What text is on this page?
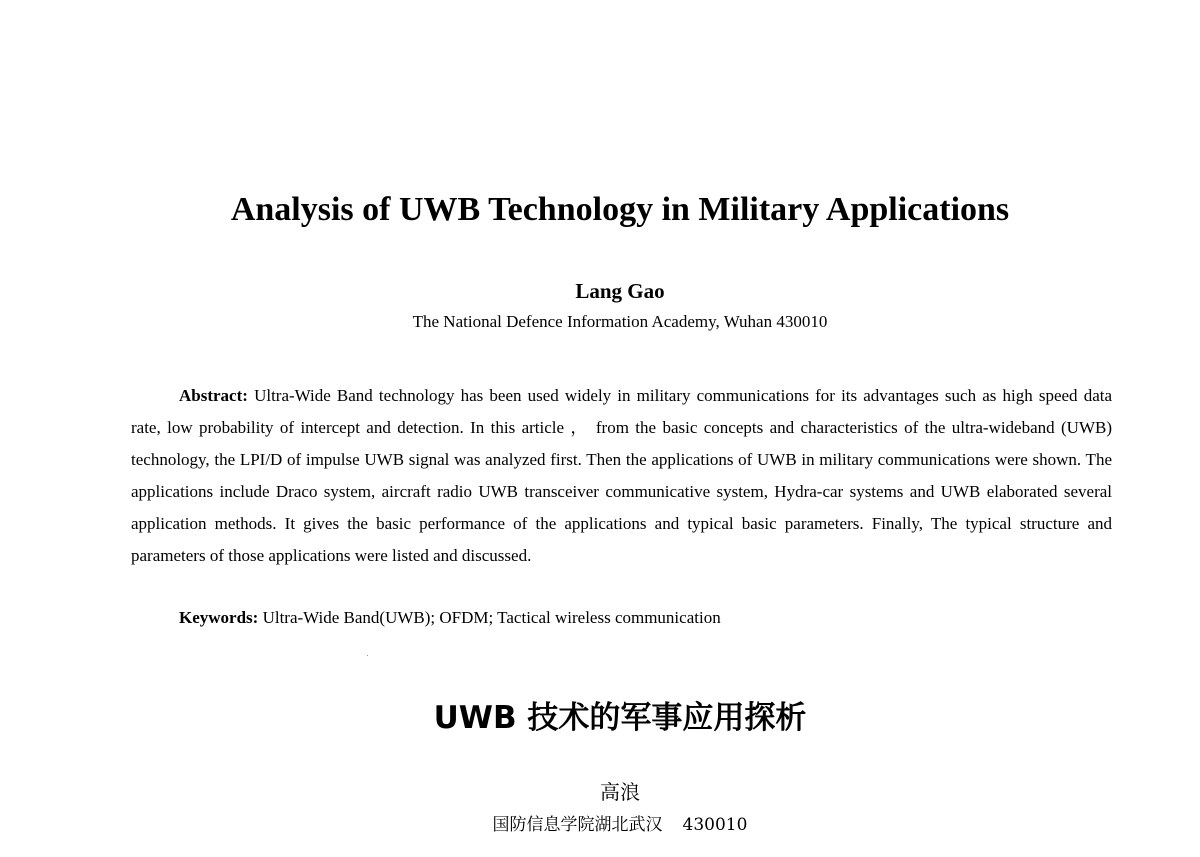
Analysis of UWB Technology in Military Applications

Lang Gao

The National Defence Information Academy, Wuhan 430010

Abstract: Ultra-Wide Band technology has been used widely in military communications for its advantages such as high speed data rate, low probability of intercept and detection. In this article ， from the basic concepts and characteristics of the ultra-wideband (UWB) technology, the LPI/D of impulse UWB signal was analyzed first. Then the applications of UWB in military communications were shown. The applications include Draco system, aircraft radio UWB transceiver communicative system, Hydra-car systems and UWB elaborated several application methods. It gives the basic performance of the applications and typical basic parameters. Finally, The typical structure and parameters of those applications were listed and discussed.

Keywords: Ultra-Wide Band(UWB); OFDM; Tactical wireless communication

UWB 技术的军事应用探析

高浪

国防信息学院湖北武汉 430010
